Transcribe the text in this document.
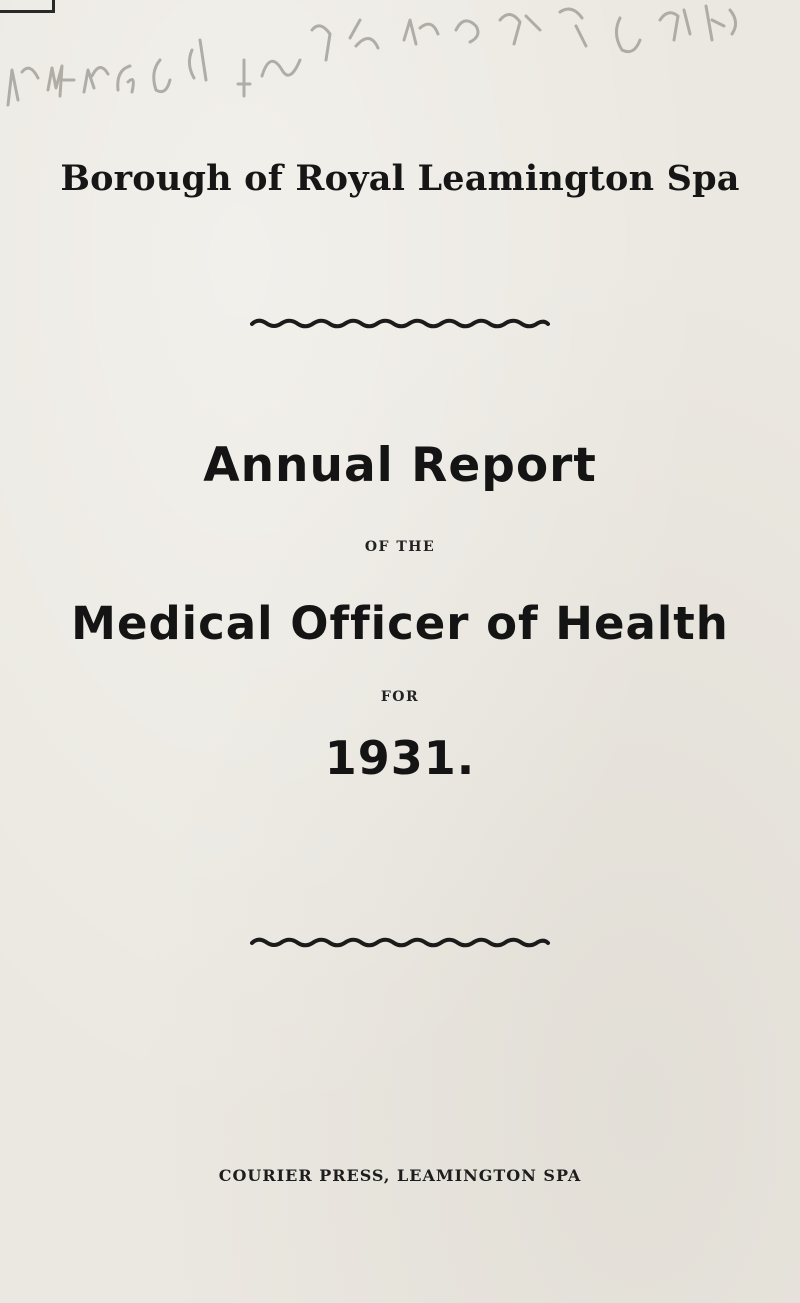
Borough of Royal Leamington Spa
Annual Report
OF THE
Medical Officer of Health
FOR
1931.
COURIER PRESS, LEAMINGTON SPA
